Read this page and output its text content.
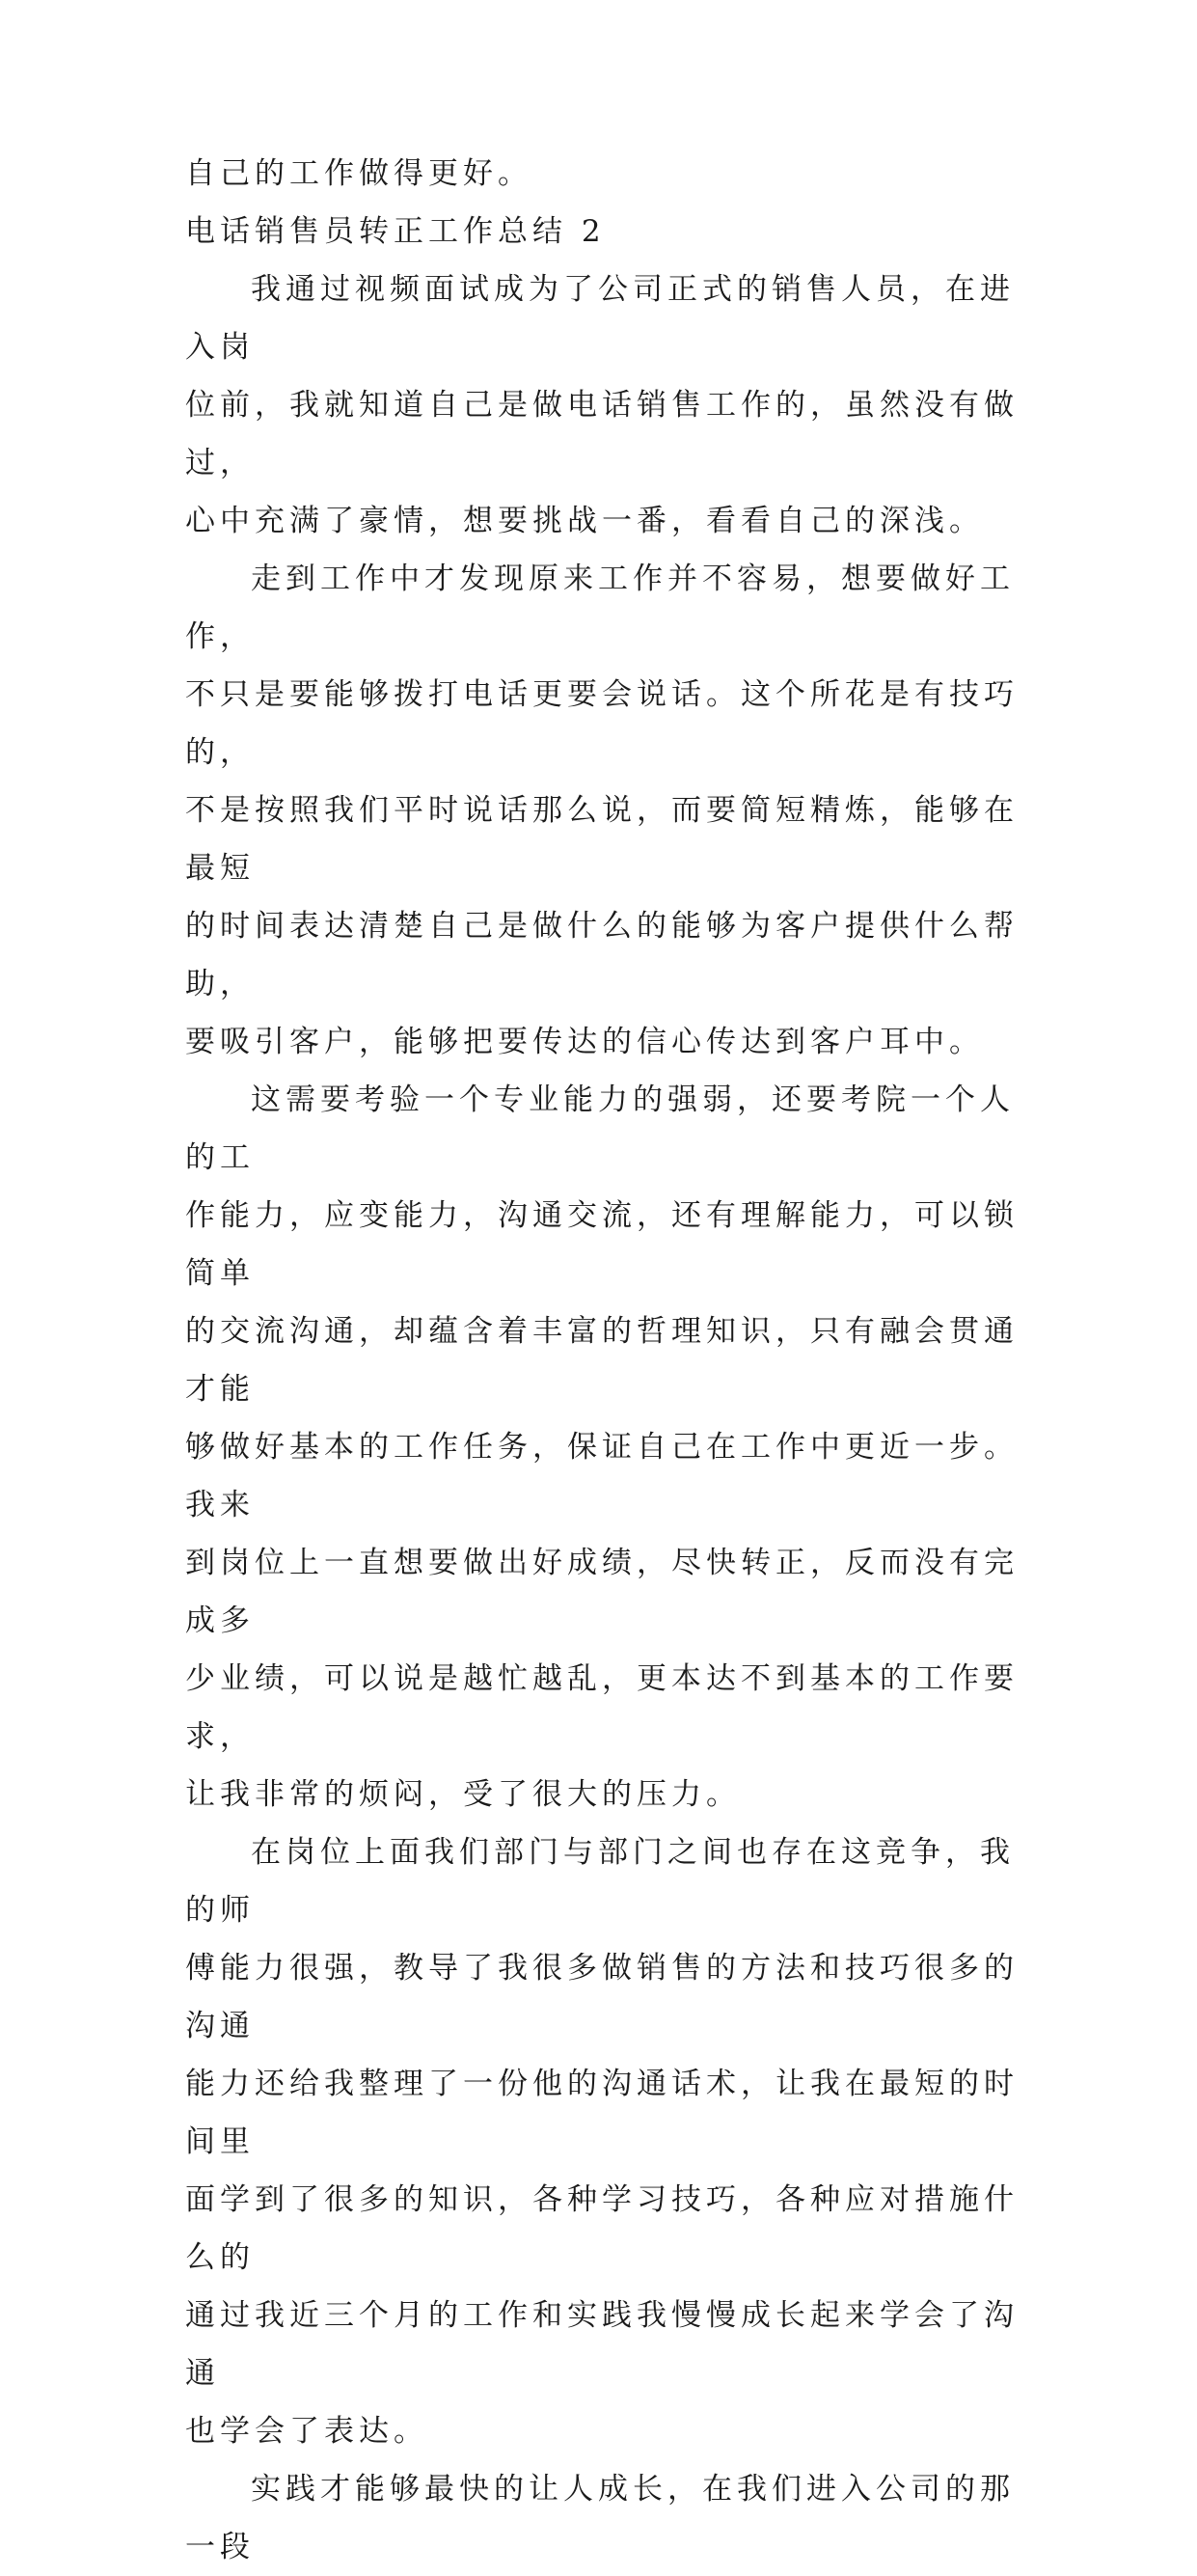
自己的工作做得更好。

电话销售员转正工作总结 2

我通过视频面试成为了公司正式的销售人员，在进入岗
位前，我就知道自己是做电话销售工作的，虽然没有做过，
心中充满了豪情，想要挑战一番，看看自己的深浅。

走到工作中才发现原来工作并不容易，想要做好工作，
不只是要能够拨打电话更要会说话。这个所花是有技巧的，
不是按照我们平时说话那么说，而要简短精炼，能够在最短
的时间表达清楚自己是做什么的能够为客户提供什么帮助，
要吸引客户，能够把要传达的信心传达到客户耳中。

这需要考验一个专业能力的强弱，还要考院一个人的工
作能力，应变能力，沟通交流，还有理解能力，可以锁简单
的交流沟通，却蕴含着丰富的哲理知识，只有融会贯通才能
够做好基本的工作任务，保证自己在工作中更近一步。我来
到岗位上一直想要做出好成绩，尽快转正，反而没有完成多
少业绩，可以说是越忙越乱，更本达不到基本的工作要求，
让我非常的烦闷，受了很大的压力。

在岗位上面我们部门与部门之间也存在这竞争，我的师
傅能力很强，教导了我很多做销售的方法和技巧很多的沟通
能力还给我整理了一份他的沟通话术，让我在最短的时间里
面学到了很多的知识，各种学习技巧，各种应对措施什么的
通过我近三个月的工作和实践我慢慢成长起来学会了沟通
也学会了表达。

实践才能够最快的让人成长，在我们进入公司的那一段
